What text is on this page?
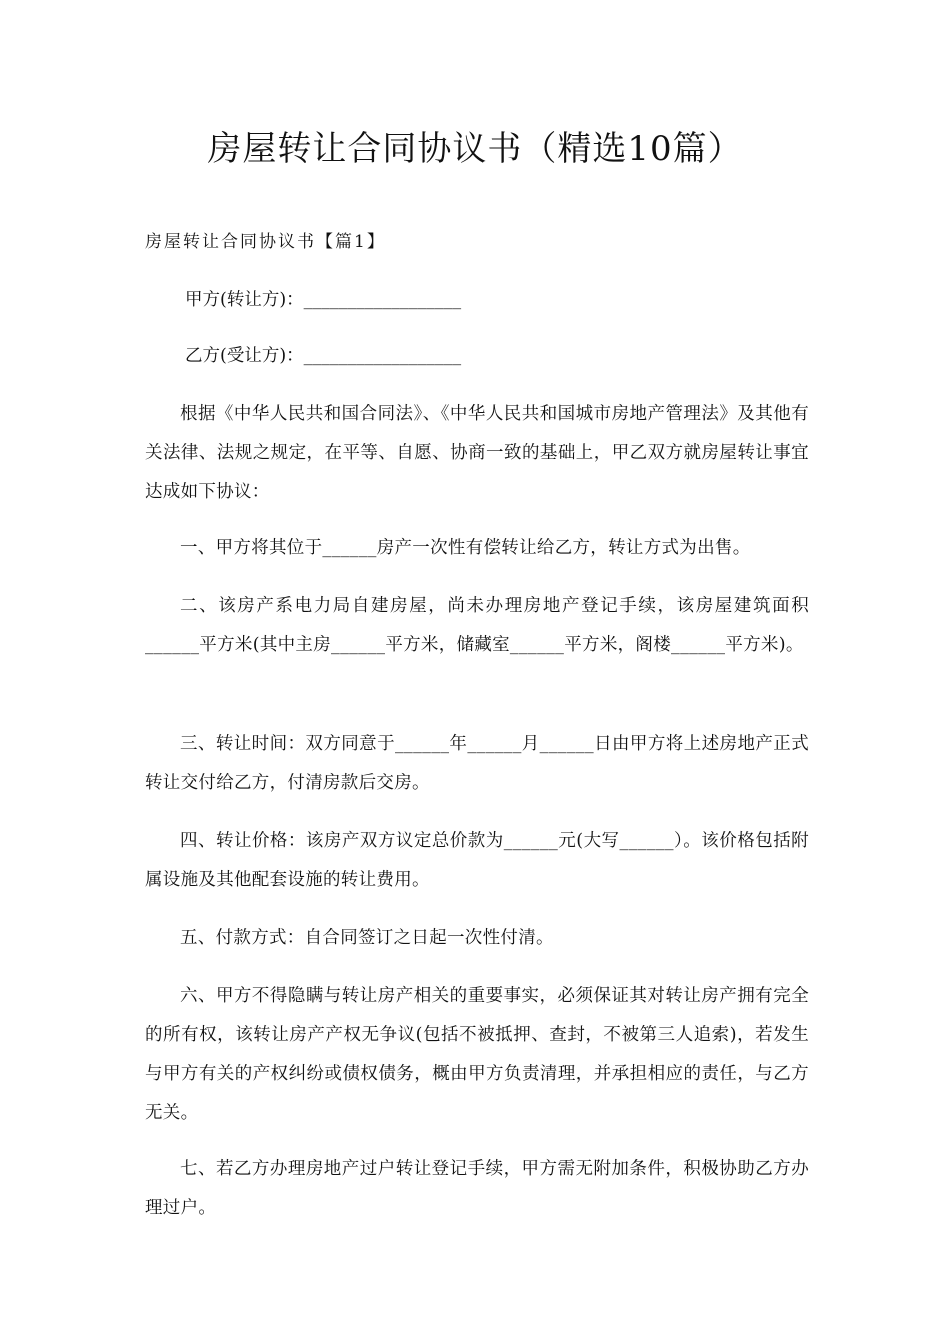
房屋转让合同协议书（精选10篇）
房屋转让合同协议书【篇1】
甲方(转让方)：__________________
乙方(受让方)：__________________
根据《中华人民共和国合同法》、《中华人民共和国城市房地产管理法》及其他有关法律、法规之规定，在平等、自愿、协商一致的基础上，甲乙双方就房屋转让事宜达成如下协议：
一、甲方将其位于______房产一次性有偿转让给乙方，转让方式为出售。
二、该房产系电力局自建房屋，尚未办理房地产登记手续，该房屋建筑面积______平方米(其中主房______平方米，储藏室______平方米，阁楼______平方米)。
三、转让时间：双方同意于______年______月______日由甲方将上述房地产正式转让交付给乙方，付清房款后交房。
四、转让价格：该房产双方议定总价款为______元(大写______）。该价格包括附属设施及其他配套设施的转让费用。
五、付款方式：自合同签订之日起一次性付清。
六、甲方不得隐瞒与转让房产相关的重要事实，必须保证其对转让房产拥有完全的所有权，该转让房产产权无争议(包括不被抵押、查封，不被第三人追索)，若发生与甲方有关的产权纠纷或债权债务，概由甲方负责清理，并承担相应的责任，与乙方无关。
七、若乙方办理房地产过户转让登记手续，甲方需无附加条件，积极协助乙方办理过户。
